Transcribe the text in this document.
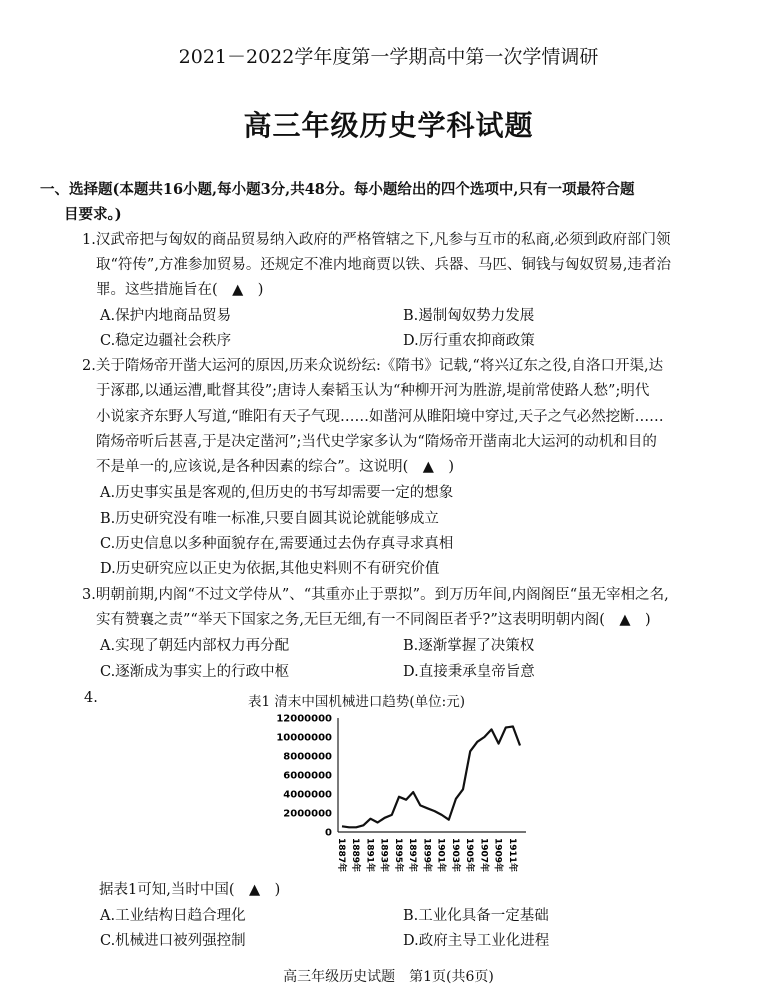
2021－2022学年度第一学期高中第一次学情调研
高三年级历史学科试题
一、选择题(本题共16小题,每小题3分,共48分。每小题给出的四个选项中,只有一项最符合题
目要求。)
1.汉武帝把与匈奴的商品贸易纳入政府的严格管辖之下,凡参与互市的私商,必须到政府部门领
取“符传”,方准参加贸易。还规定不准内地商贾以铁、兵器、马匹、铜钱与匈奴贸易,违者治
罪。这些措施旨在(　▲　)
A.保护内地商品贸易	B.遏制匈奴势力发展
C.稳定边疆社会秩序	D.厉行重农抑商政策
2.关于隋炀帝开凿大运河的原因,历来众说纷纭:《隋书》记载,“将兴辽东之役,自洛口开渠,达
于涿郡,以通运漕,毗督其役”;唐诗人秦韬玉认为“种柳开河为胜游,堤前常使路人愁”;明代
小说家齐东野人写道,“睢阳有天子气现……如凿河从睢阳境中穿过,天子之气必然挖断……
隋炀帝听后甚喜,于是决定凿河”;当代史学家多认为“隋炀帝开凿南北大运河的动机和目的
不是单一的,应该说,是各种因素的综合”。这说明(　▲　)
A.历史事实虽是客观的,但历史的书写却需要一定的想象
B.历史研究没有唯一标准,只要自圆其说论就能够成立
C.历史信息以多种面貌存在,需要通过去伪存真寻求真相
D.历史研究应以正史为依据,其他史料则不有研究价值
3.明朝前期,内阁“不过文学侍从”、“其重亦止于票拟”。到万历年间,内阁阁臣“虽无宰相之名,
实有赞襄之责”“举天下国家之务,无巨无细,有一不同阁臣者乎?”这表明明朝内阁(　▲　)
A.实现了朝廷内部权力再分配	B.逐渐掌握了决策权
C.逐渐成为事实上的行政中枢	D.直接秉承皇帝旨意
4.	表1 清末中国机械进口趋势(单位:元)
0
2000000
4000000
6000000
8000000
10000000
12000000
1887年 1889年 1891年 1893年 1895年 1897年 1899年 1901年 1903年 1905年 1907年 1909年 1911年
据表1可知,当时中国(　▲　)
A.工业结构日趋合理化	B.工业化具备一定基础
C.机械进口被列强控制	D.政府主导工业化进程
高三年级历史试题　第1页(共6页)
